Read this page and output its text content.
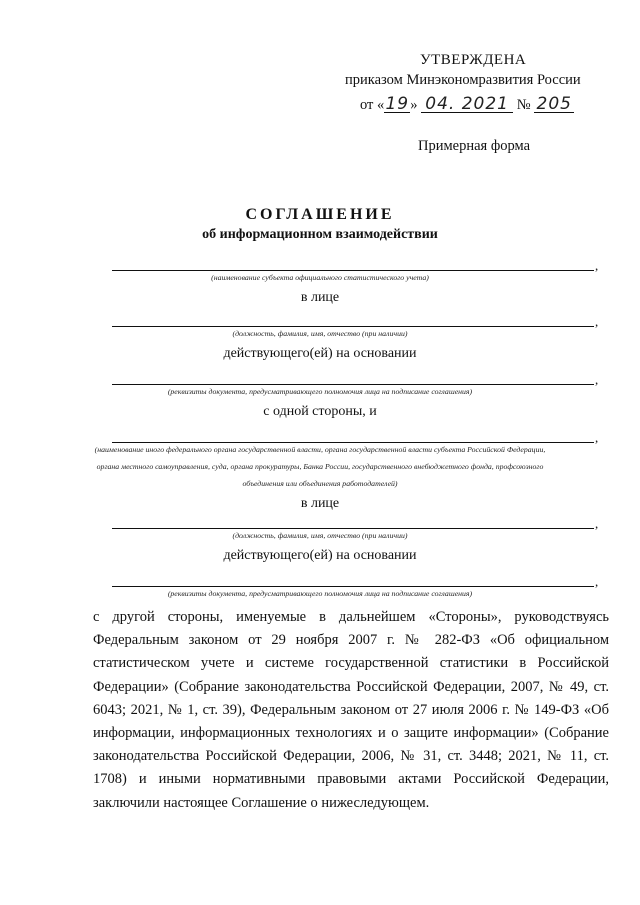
УТВЕРЖДЕНА
приказом Минэкономразвития России
от «19» 04. 2021 № 205
Примерная форма
СОГЛАШЕНИЕ
об информационном взаимодействии
,
(наименование субъекта официального статистического учета)
в лице
,
(должность, фамилия, имя, отчество (при наличии)
действующего(ей) на основании
,
(реквизиты документа, предусматривающего полномочия лица на подписание соглашения)
с одной стороны, и
,
(наименование иного федерального органа государственной власти, органа государственной власти субъекта Российской Федерации,
органа местного самоуправления, суда, органа прокуратуры, Банка России, государственного внебюджетного фонда, профсоюзного
объединения или объединения работодателей)
в лице
,
(должность, фамилия, имя, отчество (при наличии)
действующего(ей) на основании
,
(реквизиты документа, предусматривающего полномочия лица на подписание соглашения)
с другой стороны, именуемые в дальнейшем «Стороны», руководствуясь Федеральным законом от 29 ноября 2007 г. № 282-ФЗ «Об официальном статистическом учете и системе государственной статистики в Российской Федерации» (Собрание законодательства Российской Федерации, 2007, № 49, ст. 6043; 2021, № 1, ст. 39), Федеральным законом от 27 июля 2006 г. № 149-ФЗ «Об информации, информационных технологиях и о защите информации» (Собрание законодательства Российской Федерации, 2006, № 31, ст. 3448; 2021, № 11, ст. 1708) и иными нормативными правовыми актами Российской Федерации, заключили настоящее Соглашение о нижеследующем.
